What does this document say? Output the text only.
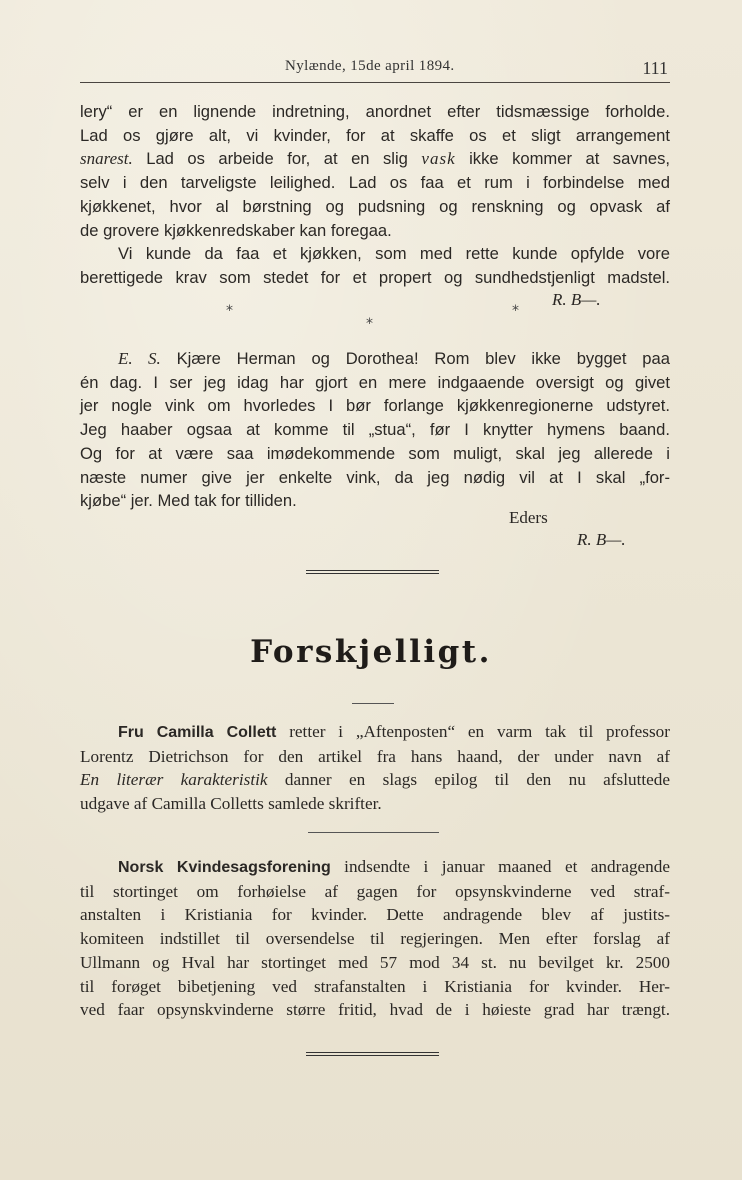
Nylænde, 15de april 1894.	111
lery“ er en lignende indretning, anordnet efter tidsmæssige forholde.
Lad os gjøre alt, vi kvinder, for at skaffe os et sligt arrangement
snarest. Lad os arbeide for, at en slig vask ikke kommer at savnes,
selv i den tarveligste leilighed. Lad os faa et rum i forbindelse med
kjøkkenet, hvor al børstning og pudsning og renskning og opvask af
de grovere kjøkkenredskaber kan foregaa.
Vi kunde da faa et kjøkken, som med rette kunde opfylde vore
berettigede krav som stedet for et propert og sundhedstjenligt madstel.
R. B—.
*
*
*
E. S. Kjære Herman og Dorothea! Rom blev ikke bygget paa
én dag. I ser jeg idag har gjort en mere indgaaende oversigt og givet
jer nogle vink om hvorledes I bør forlange kjøkkenregionerne udstyret.
Jeg haaber ogsaa at komme til „stua“, før I knytter hymens baand.
Og for at være saa imødekommende som muligt, skal jeg allerede i
næste numer give jer enkelte vink, da jeg nødig vil at I skal „for-
kjøbe“ jer. Med tak for tilliden.
Eders
R. B—.
Forskjelligt.
Fru Camilla Collett retter i „Aftenposten“ en varm tak til professor
Lorentz Dietrichson for den artikel fra hans haand, der under navn af
En literær karakteristik danner en slags epilog til den nu afsluttede
udgave af Camilla Colletts samlede skrifter.
Norsk Kvindesagsforening indsendte i januar maaned et andragende
til stortinget om forhøielse af gagen for opsynskvinderne ved straf-
anstalten i Kristiania for kvinder. Dette andragende blev af justits-
komiteen indstillet til oversendelse til regjeringen. Men efter forslag af
Ullmann og Hval har stortinget med 57 mod 34 st. nu bevilget kr. 2500
til forøget bibetjening ved strafanstalten i Kristiania for kvinder. Her-
ved faar opsynskvinderne større fritid, hvad de i høieste grad har trængt.
